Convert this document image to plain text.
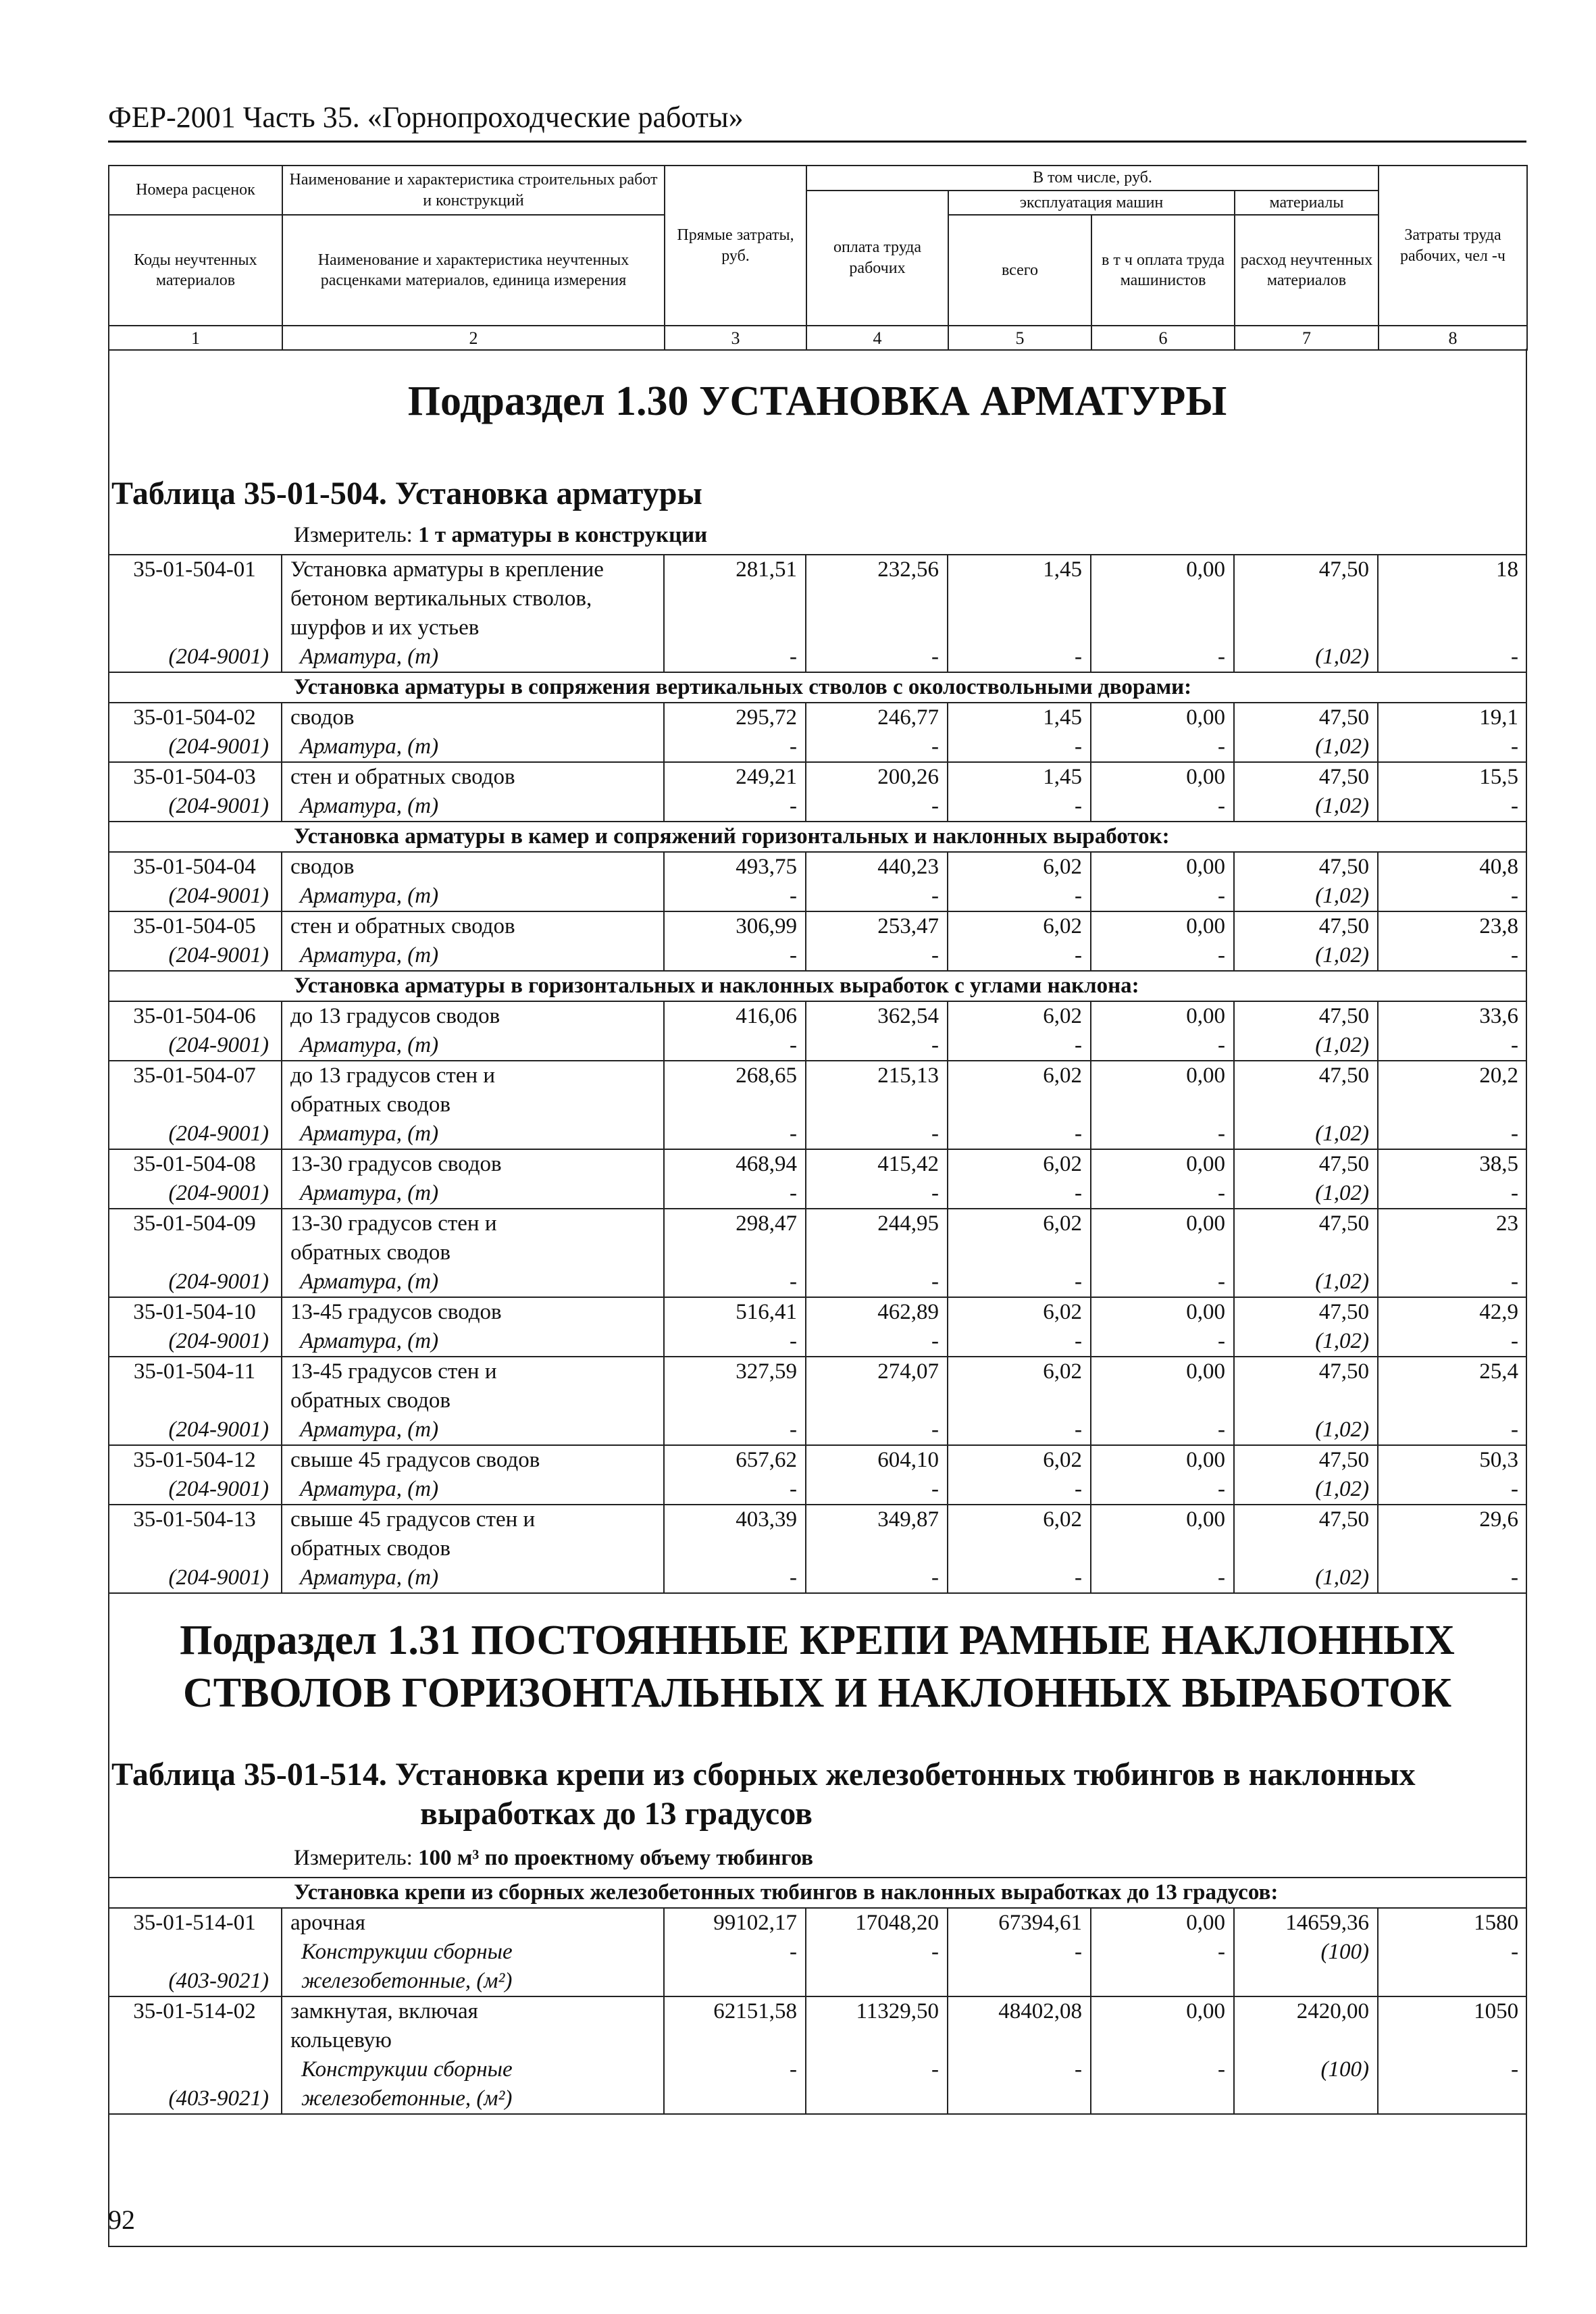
ФЕР-2001 Часть 35. «Горнопроходческие работы»
Номера расценок	Наименование и характеристика строительных работ и конструкций	Прямые затраты, руб.	В том числе, руб.				Затраты труда рабочих, чел -ч
			оплата труда рабочих	эксплуатация машин		материалы	
Коды неучтенных материалов	Наименование и характеристика неучтенных расценками материалов, единица измерения			всего	в т ч оплата труда машинистов	расход неучтенных материалов	

1	2	3	4	5	6	7	8
Подраздел 1.30 УСТАНОВКА АРМАТУРЫ
Таблица 35-01-504. Установка арматуры
Измеритель: 1 т арматуры в конструкции
35-01-504-01	Установка арматуры в крепление
бетоном вертикальных стволов,
шурфов и их устьев	281,51	232,56	1,45	0,00	47,50	18
(204-9001)	Арматура, (т)	-	-	-	-	(1,02)	-
Установка арматуры в сопряжения вертикальных стволов с околоствольными дворами:							
35-01-504-02	сводов	295,72	246,77	1,45	0,00	47,50	19,1
(204-9001)	Арматура, (т)	-	-	-	-	(1,02)	-
35-01-504-03	стен и обратных сводов	249,21	200,26	1,45	0,00	47,50	15,5
(204-9001)	Арматура, (т)	-	-	-	-	(1,02)	-
Установка арматуры в камер и сопряжений горизонтальных и наклонных выработок:							
35-01-504-04	сводов	493,75	440,23	6,02	0,00	47,50	40,8
(204-9001)	Арматура, (т)	-	-	-	-	(1,02)	-
35-01-504-05	стен и обратных сводов	306,99	253,47	6,02	0,00	47,50	23,8
(204-9001)	Арматура, (т)	-	-	-	-	(1,02)	-
Установка арматуры в горизонтальных и наклонных выработок с углами наклона:							
35-01-504-06	до 13 градусов сводов	416,06	362,54	6,02	0,00	47,50	33,6
(204-9001)	Арматура, (т)	-	-	-	-	(1,02)	-
35-01-504-07	до 13 градусов стен и
обратных сводов	268,65	215,13	6,02	0,00	47,50	20,2
(204-9001)	Арматура, (т)	-	-	-	-	(1,02)	-
35-01-504-08	13-30 градусов сводов	468,94	415,42	6,02	0,00	47,50	38,5
(204-9001)	Арматура, (т)	-	-	-	-	(1,02)	-
35-01-504-09	13-30 градусов стен и
обратных сводов	298,47	244,95	6,02	0,00	47,50	23
(204-9001)	Арматура, (т)	-	-	-	-	(1,02)	-
35-01-504-10	13-45 градусов сводов	516,41	462,89	6,02	0,00	47,50	42,9
(204-9001)	Арматура, (т)	-	-	-	-	(1,02)	-
35-01-504-11	13-45 градусов стен и
обратных сводов	327,59	274,07	6,02	0,00	47,50	25,4
(204-9001)	Арматура, (т)	-	-	-	-	(1,02)	-
35-01-504-12	свыше 45 градусов сводов	657,62	604,10	6,02	0,00	47,50	50,3
(204-9001)	Арматура, (т)	-	-	-	-	(1,02)	-
35-01-504-13	свыше 45 градусов стен и
обратных сводов	403,39	349,87	6,02	0,00	47,50	29,6
(204-9001)	Арматура, (т)	-	-	-	-	(1,02)	-
Подраздел 1.31 ПОСТОЯННЫЕ КРЕПИ РАМНЫЕ НАКЛОННЫХ
СТВОЛОВ ГОРИЗОНТАЛЬНЫХ И НАКЛОННЫХ ВЫРАБОТОК
Таблица 35-01-514. Установка крепи из сборных железобетонных тюбингов в наклонных
выработках до 13 градусов
Измеритель: 100 м³ по проектному объему тюбингов
Установка крепи из сборных железобетонных тюбингов в наклонных выработках до 13 градусов:							
35-01-514-01	арочная	99102,17	17048,20	67394,61	0,00	14659,36	1580
(403-9021)	Конструкции сборные
железобетонные, (м²)	-	-	-	-	(100)	-
35-01-514-02	замкнутая, включая
кольцевую	62151,58	11329,50	48402,08	0,00	2420,00	1050
(403-9021)	Конструкции сборные
железобетонные, (м²)	-	-	-	-	(100)	-
92
